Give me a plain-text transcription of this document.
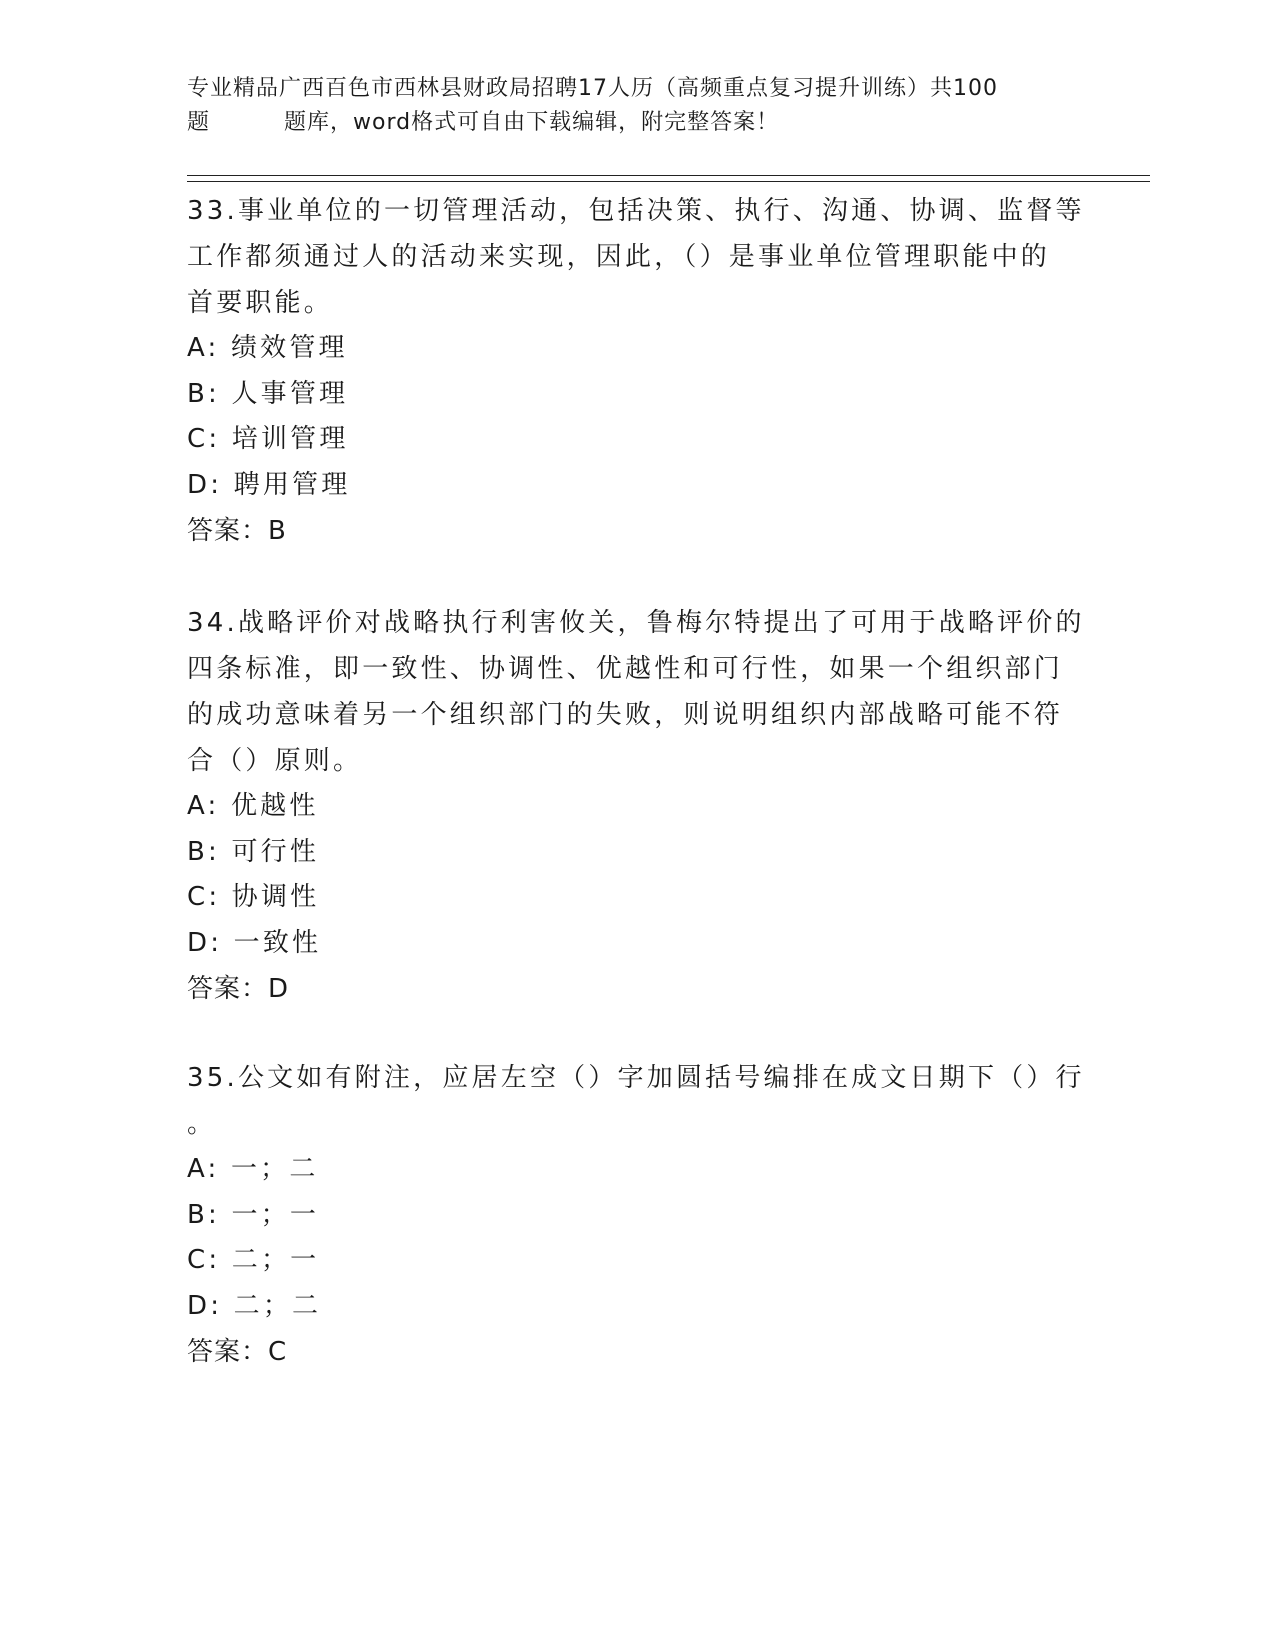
专业精品广西百色市西林县财政局招聘17人历（高频重点复习提升训练）共100
题	题库，word格式可自由下载编辑，附完整答案！
33.事业单位的一切管理活动，包括决策、执行、沟通、协调、监督等
工作都须通过人的活动来实现，因此，（）是事业单位管理职能中的
首要职能。
A: 绩效管理
B: 人事管理
C: 培训管理
D: 聘用管理
答案：B
34.战略评价对战略执行利害攸关，鲁梅尔特提出了可用于战略评价的
四条标准，即一致性、协调性、优越性和可行性，如果一个组织部门
的成功意味着另一个组织部门的失败，则说明组织内部战略可能不符
合（）原则。
A: 优越性
B: 可行性
C: 协调性
D: 一致性
答案：D
35.公文如有附注，应居左空（）字加圆括号编排在成文日期下（）行
。
A: 一；二
B: 一；一
C: 二；一
D: 二；二
答案：C
